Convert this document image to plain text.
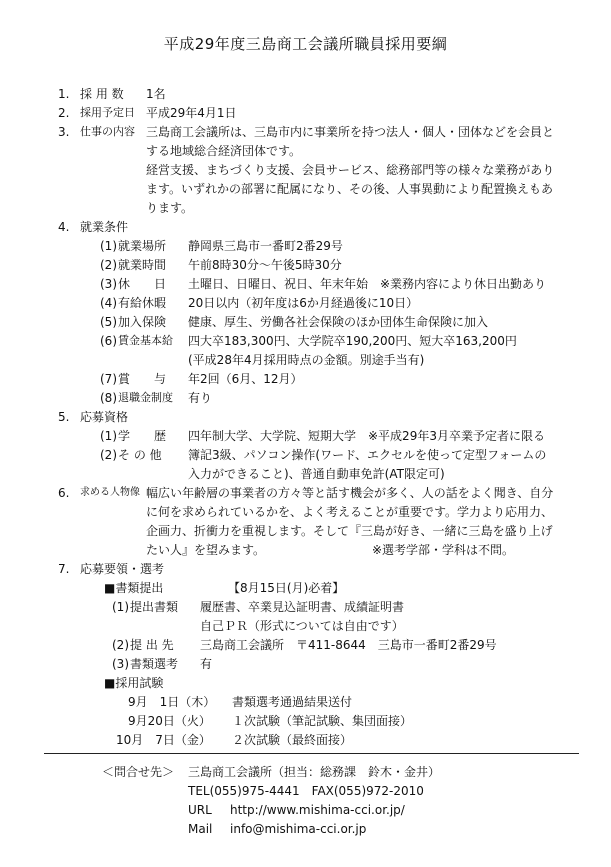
平成29年度三島商工会議所職員採用要綱
1. 採 用 数 1名
2. 採用予定日 平成29年4月1日
3. 仕事の内容 三島商工会議所は、三島市内に事業所を持つ法人・個人・団体などを会員と
する地域総合経済団体です。
経営支援、まちづくり支援、会員サービス、総務部門等の様々な業務があり
ます。いずれかの部署に配属になり、その後、人事異動により配置換えもあ
ります。
4. 就業条件
(1) 就業場所 静岡県三島市一番町2番29号
(2) 就業時間 午前8時30分～午後5時30分
(3) 休　　日 土曜日、日曜日、祝日、年末年始　※業務内容により休日出勤あり
(4) 有給休暇 20日以内（初年度は6か月経過後に10日）
(5) 加入保険 健康、厚生、労働各社会保険のほか団体生命保険に加入
(6) 賃金基本給 四大卒183,300円、大学院卒190,200円、短大卒163,200円
(平成28年4月採用時点の金額。別途手当有)
(7) 賞　　与 年2回（6月、12月）
(8) 退職金制度 有り
5. 応募資格
(1) 学　　歴 四年制大学、大学院、短期大学　※平成29年3月卒業予定者に限る
(2) そ の 他 簿記3級、パソコン操作(ワード、エクセルを使って定型フォームの
入力ができること)、普通自動車免許(AT限定可)
6. 求める人物像 幅広い年齢層の事業者の方々等と話す機会が多く、人の話をよく聞き、自分
に何を求められているかを、よく考えることが重要です。学力より応用力、
企画力、折衝力を重視します。そして『三島が好き、一緒に三島を盛り上げ
たい人』を望みます。	※選考学部・学科は不問。
7. 応募要領・選考
■書類提出	【8月15日(月)必着】
(1) 提出書類 履歴書、卒業見込証明書、成績証明書
自己ＰＲ（形式については自由です）
(2) 提 出 先 三島商工会議所　〒411-8644　三島市一番町2番29号
(3) 書類選考 有
■採用試験
9月　1日（木） 書類選考通過結果送付
9月20日（火） １次試験（筆記試験、集団面接）
10月　7日（金） ２次試験（最終面接）
＜問合せ先＞ 三島商工会議所（担当：総務課　鈴木・金井）
TEL(055)975-4441　FAX(055)972-2010
URL http://www.mishima-cci.or.jp/
Mail info@mishima-cci.or.jp
